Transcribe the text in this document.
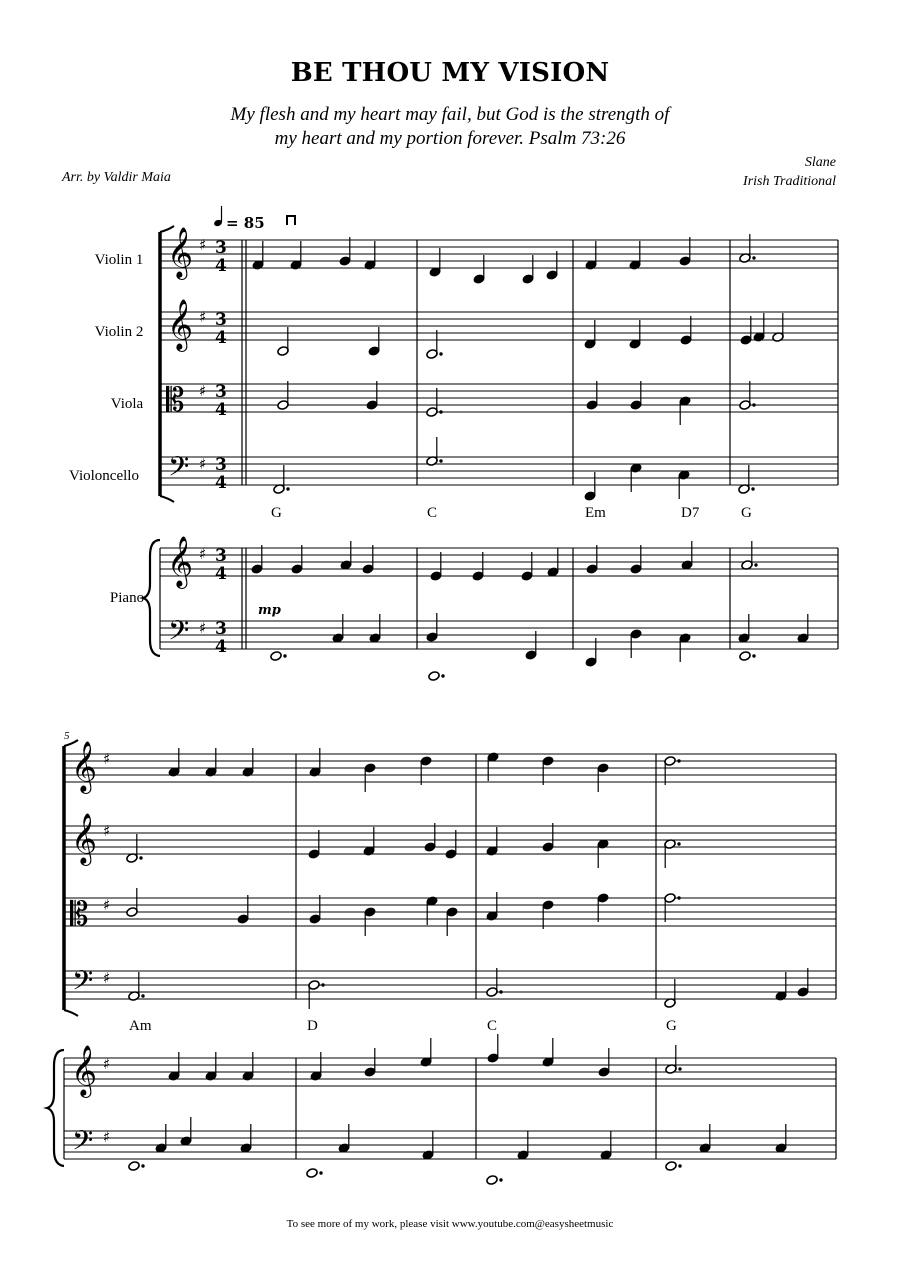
BE THOU MY VISION
My flesh and my heart may fail, but God is the strength of
my heart and my portion forever. Psalm 73:26
Arr. by Valdir Maia
Slane
Irish Traditional
= 85
Violin 1
Violin 2
Viola
Violoncello
Piano
𝄞
𝄞
𝄡
𝄢
𝄞
𝄢
♯
♯
♯
♯
♯
♯
3
4
3
4
3
4
3
4
3
4
3
4
G	C	Em	D7	G
mp
5
𝄞
𝄞
𝄡
𝄢
𝄞
𝄢
♯
♯
♯
♯
♯
♯
Am	D	C	G
To see more of my work, please visit www.youtube.com@easysheetmusic
